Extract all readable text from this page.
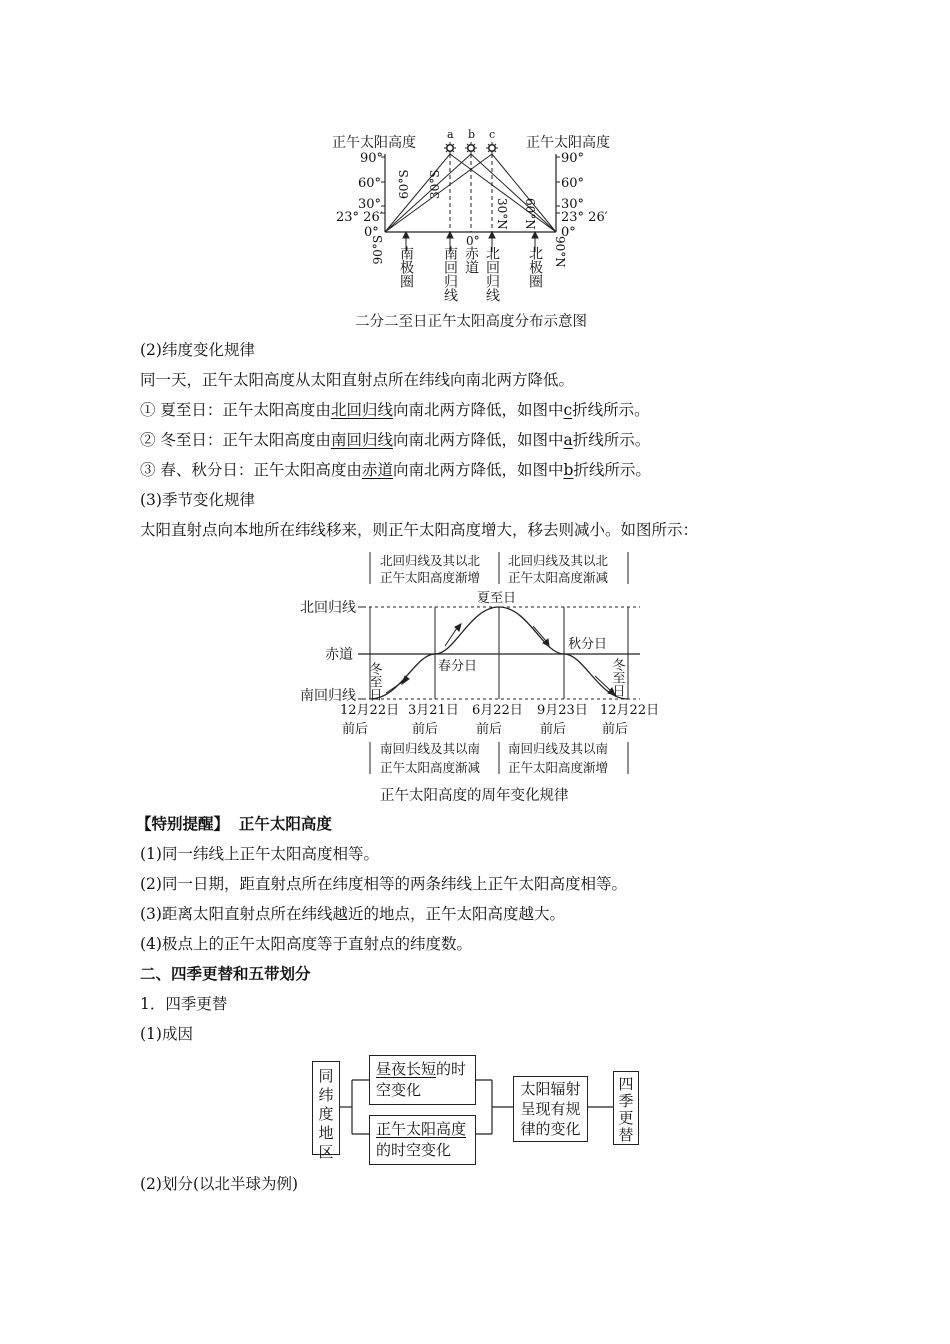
正午太阳高度	正午太阳高度
90°
60°
30°
23° 26′
0°
90°
60°
30°
23° 26′
0°
a b c
90°S
30°S
60°S
0°
30°N 60°N
90°N
南极圈 南回归线 赤道 北回归线 北极圈
二分二至日正午太阳高度分布示意图
(2)纬度变化规律
同一天，正午太阳高度从太阳直射点所在纬线向南北两方降低。
① 夏至日：正午太阳高度由北回归线向南北两方降低，如图中c折线所示。
② 冬至日：正午太阳高度由南回归线向南北两方降低，如图中a折线所示。
③ 春、秋分日：正午太阳高度由赤道向南北两方降低，如图中b折线所示。
(3)季节变化规律
太阳直射点向本地所在纬线移来，则正午太阳高度增大，移去则减小。如图所示：
北回归线及其以北
正午太阳高度渐增
北回归线及其以北
正午太阳高度渐减
北回归线
赤道
南回归线
夏至日
春分日
秋分日
冬至日	冬至日
12月22日 3月21日 6月22日 9月23日 12月22日
前后	前后	前后	前后	前后
南回归线及其以南
正午太阳高度渐减
南回归线及其以南
正午太阳高度渐增
正午太阳高度的周年变化规律
【特别提醒】 正午太阳高度
(1)同一纬线上正午太阳高度相等。
(2)同一日期，距直射点所在纬度相等的两条纬线上正午太阳高度相等。
(3)距离太阳直射点所在纬线越近的地点，正午太阳高度越大。
(4)极点上的正午太阳高度等于直射点的纬度数。
二、四季更替和五带划分
1．四季更替
(1)成因
同纬度地区
昼夜长短的时空变化
正午太阳高度的时空变化
太阳辐射呈现有规律的变化
四季更替
(2)划分(以北半球为例)
